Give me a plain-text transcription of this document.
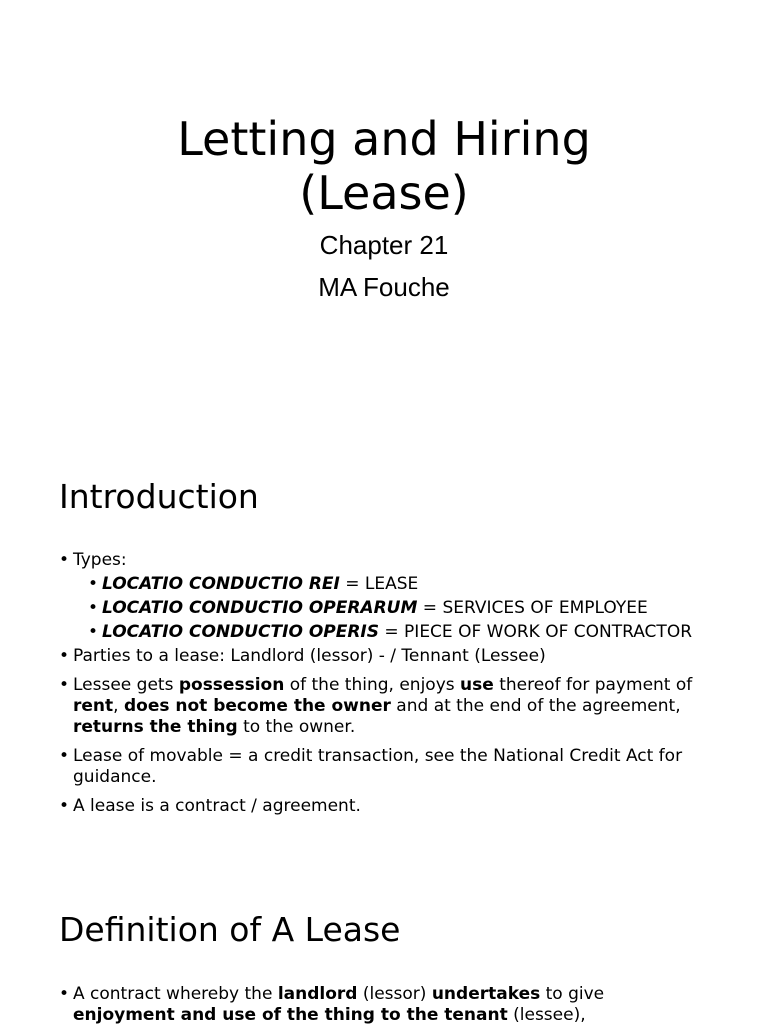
Letting and Hiring
(Lease)
Chapter 21
MA Fouche
Introduction
• Types:
• LOCATIO CONDUCTIO REI = LEASE
• LOCATIO CONDUCTIO OPERARUM = SERVICES OF EMPLOYEE
• LOCATIO CONDUCTIO OPERIS = PIECE OF WORK OF CONTRACTOR
• Parties to a lease: Landlord (lessor) - / Tennant (Lessee)
• Lessee gets possession of the thing, enjoys use thereof for payment of rent, does not become the owner and at the end of the agreement, returns the thing to the owner.
• Lease of movable = a credit transaction, see the National Credit Act for guidance.
• A lease is a contract / agreement.
Definition of A Lease
• A contract whereby the landlord (lessor) undertakes to give enjoyment and use of the thing to the tenant (lessee),
